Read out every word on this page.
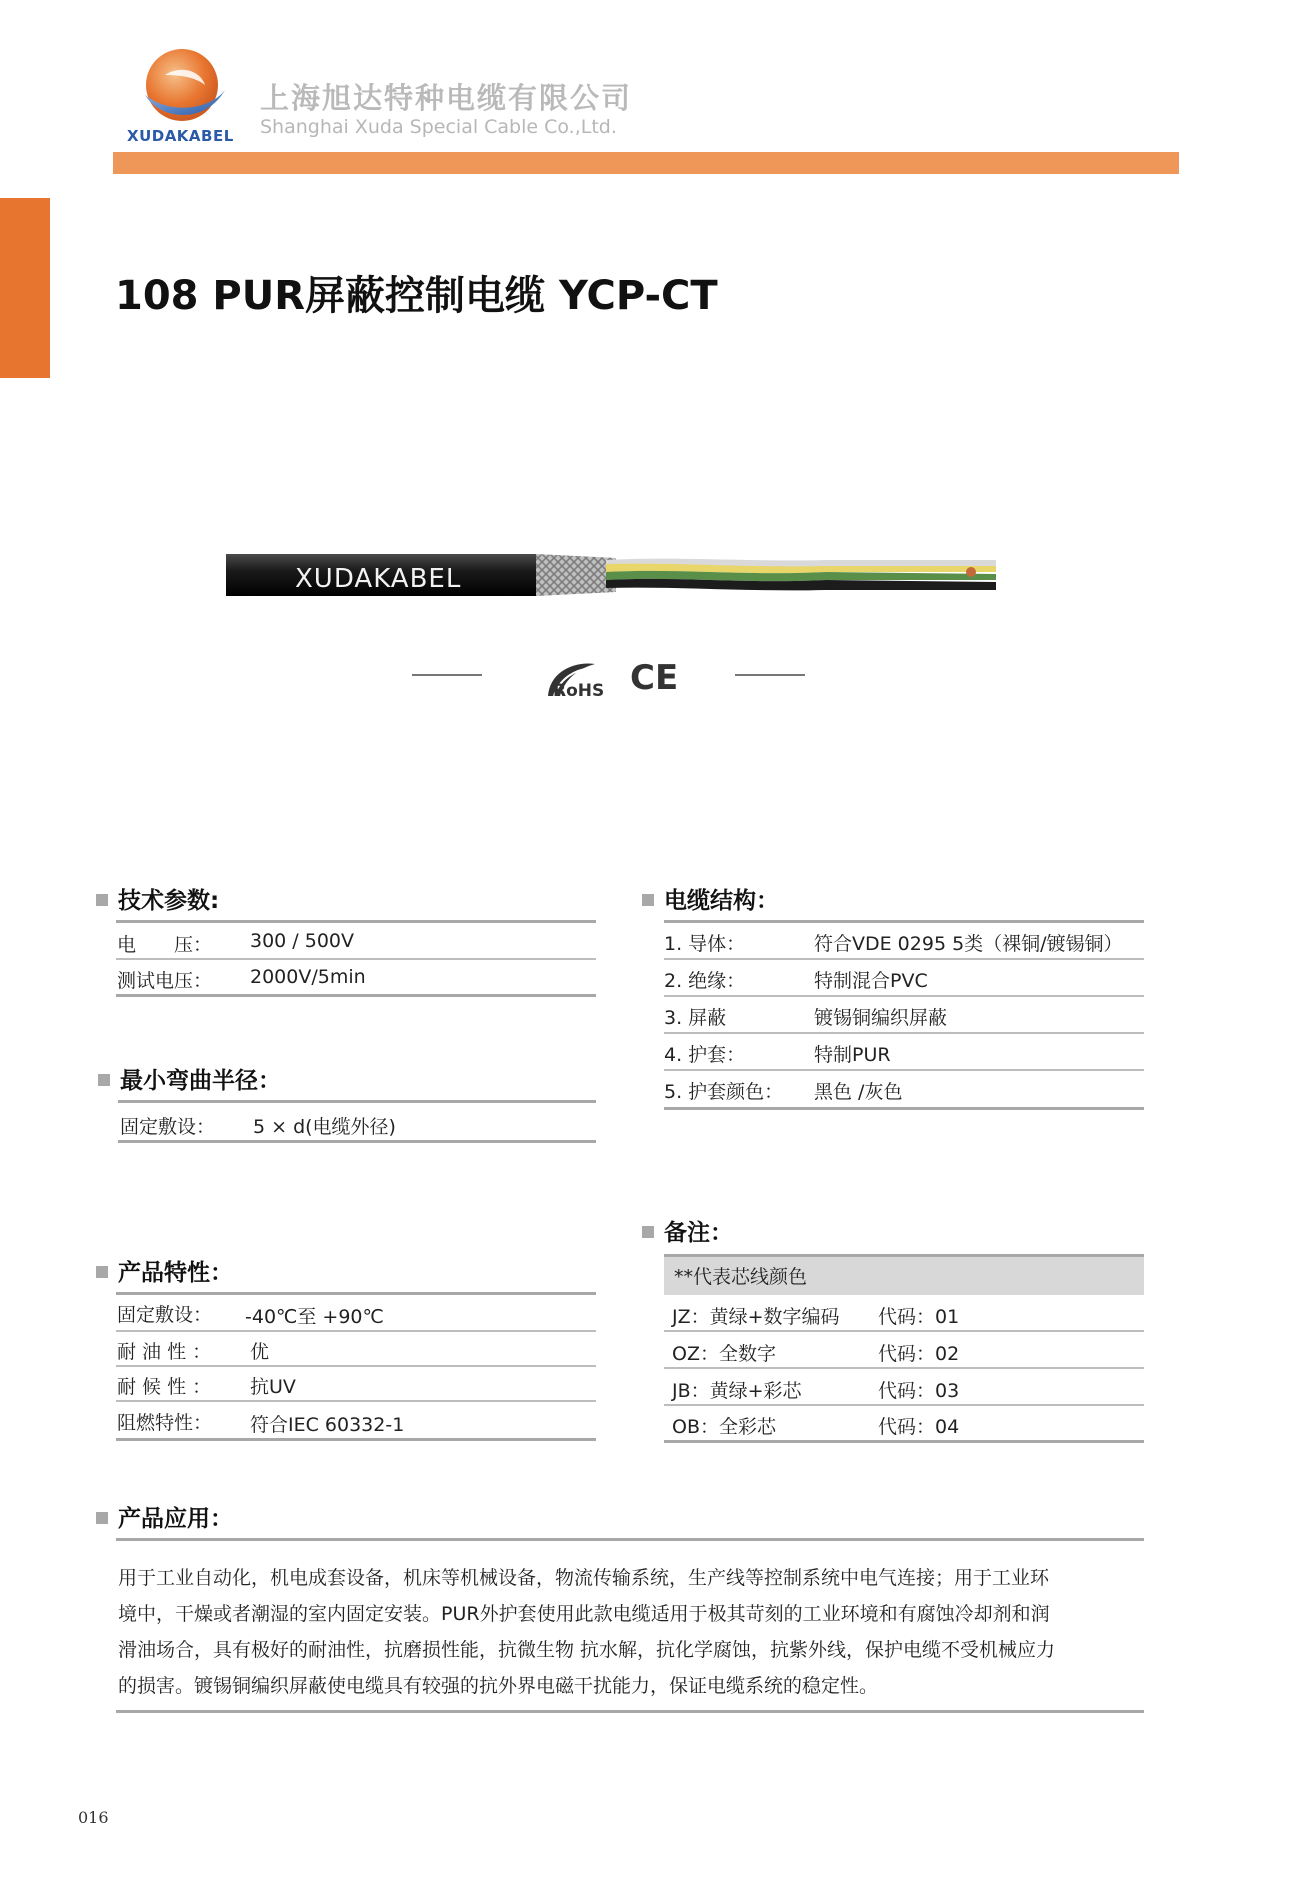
XUDAKABEL
上海旭达特种电缆有限公司
Shanghai Xuda Special Cable Co.,Ltd.
108 PUR屏蔽控制电缆 YCP-CT
XUDAKABEL
RoHS CE
技术参数:
电　　压： 300 / 500V
测试电压： 2000V/5min
最小弯曲半径：
固定敷设： 5 × d(电缆外径)
产品特性：
固定敷设： -40℃至 +90℃
耐 油 性 ： 优
耐 候 性 ： 抗UV
阻燃特性： 符合IEC 60332-1
电缆结构：
1. 导体：	符合VDE 0295 5类（裸铜/镀锡铜）
2. 绝缘：	特制混合PVC
3. 屏蔽	镀锡铜编织屏蔽
4. 护套：	特制PUR
5. 护套颜色： 黑色 /灰色
备注：
**代表芯线颜色
JZ：黄绿+数字编码 代码：01
OZ：全数字	代码：02
JB：黄绿+彩芯	代码：03
OB：全彩芯	代码：04
产品应用：
用于工业自动化，机电成套设备，机床等机械设备，物流传输系统，生产线等控制系统中电气连接；用于工业环
境中，干燥或者潮湿的室内固定安装。PUR外护套使用此款电缆适用于极其苛刻的工业环境和有腐蚀冷却剂和润
滑油场合，具有极好的耐油性，抗磨损性能，抗微生物 抗水解，抗化学腐蚀，抗紫外线，保护电缆不受机械应力
的损害。镀锡铜编织屏蔽使电缆具有较强的抗外界电磁干扰能力，保证电缆系统的稳定性。
016
